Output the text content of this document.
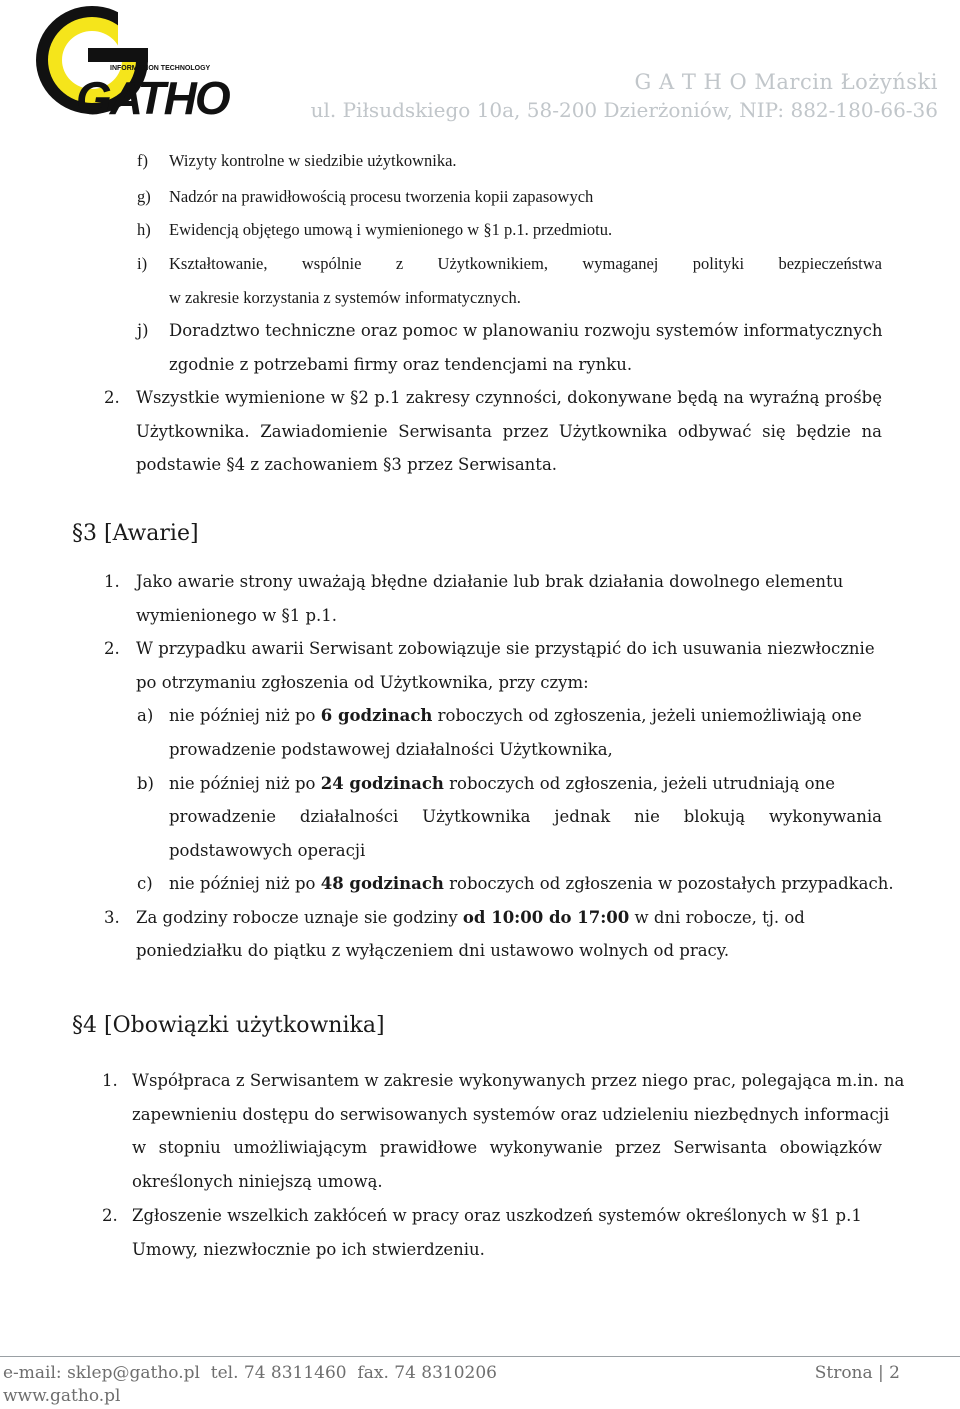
INFORMATION TECHNOLOGY
GATHO	G A T H O Marcin Łożyński
ul. Piłsudskiego 10a, 58-200 Dzierżoniów, NIP: 882-180-66-36
f) Wizyty kontrolne w siedzibie użytkownika.
g) Nadzór na prawidłowością procesu tworzenia kopii zapasowych
h) Ewidencją objętego umową i wymienionego w §1 p.1. przedmiotu.
i) Kształtowanie, wspólnie z Użytkownikiem, wymaganej polityki bezpieczeństwa
w zakresie korzystania z systemów informatycznych.
j) Doradztwo techniczne oraz pomoc w planowaniu rozwoju systemów informatycznych
zgodnie z potrzebami firmy oraz tendencjami na rynku.
2. Wszystkie wymienione w §2 p.1 zakresy czynności, dokonywane będą na wyraźną prośbę
Użytkownika. Zawiadomienie Serwisanta przez Użytkownika odbywać się będzie na
podstawie §4 z zachowaniem §3 przez Serwisanta.
§3 [Awarie]
1. Jako awarie strony uważają błędne działanie lub brak działania dowolnego elementu
wymienionego w §1 p.1.
2. W przypadku awarii Serwisant zobowiązuje sie przystąpić do ich usuwania niezwłocznie
po otrzymaniu zgłoszenia od Użytkownika, przy czym:
a) nie później niż po 6 godzinach roboczych od zgłoszenia, jeżeli uniemożliwiają one
prowadzenie podstawowej działalności Użytkownika,
b) nie później niż po 24 godzinach roboczych od zgłoszenia, jeżeli utrudniają one
prowadzenie działalności Użytkownika jednak nie blokują wykonywania
podstawowych operacji
c) nie później niż po 48 godzinach roboczych od zgłoszenia w pozostałych przypadkach.
3. Za godziny robocze uznaje sie godziny od 10:00 do 17:00 w dni robocze, tj. od
poniedziałku do piątku z wyłączeniem dni ustawowo wolnych od pracy.
§4 [Obowiązki użytkownika]
1. Współpraca z Serwisantem w zakresie wykonywanych przez niego prac, polegająca m.in. na
zapewnieniu dostępu do serwisowanych systemów oraz udzieleniu niezbędnych informacji
w stopniu umożliwiającym prawidłowe wykonywanie przez Serwisanta obowiązków
określonych niniejszą umową.
2. Zgłoszenie wszelkich zakłóceń w pracy oraz uszkodzeń systemów określonych w §1 p.1
Umowy, niezwłocznie po ich stwierdzeniu.
e-mail: sklep@gatho.pl  tel. 74 8311460  fax. 74 8310206
www.gatho.pl
Strona | 2
